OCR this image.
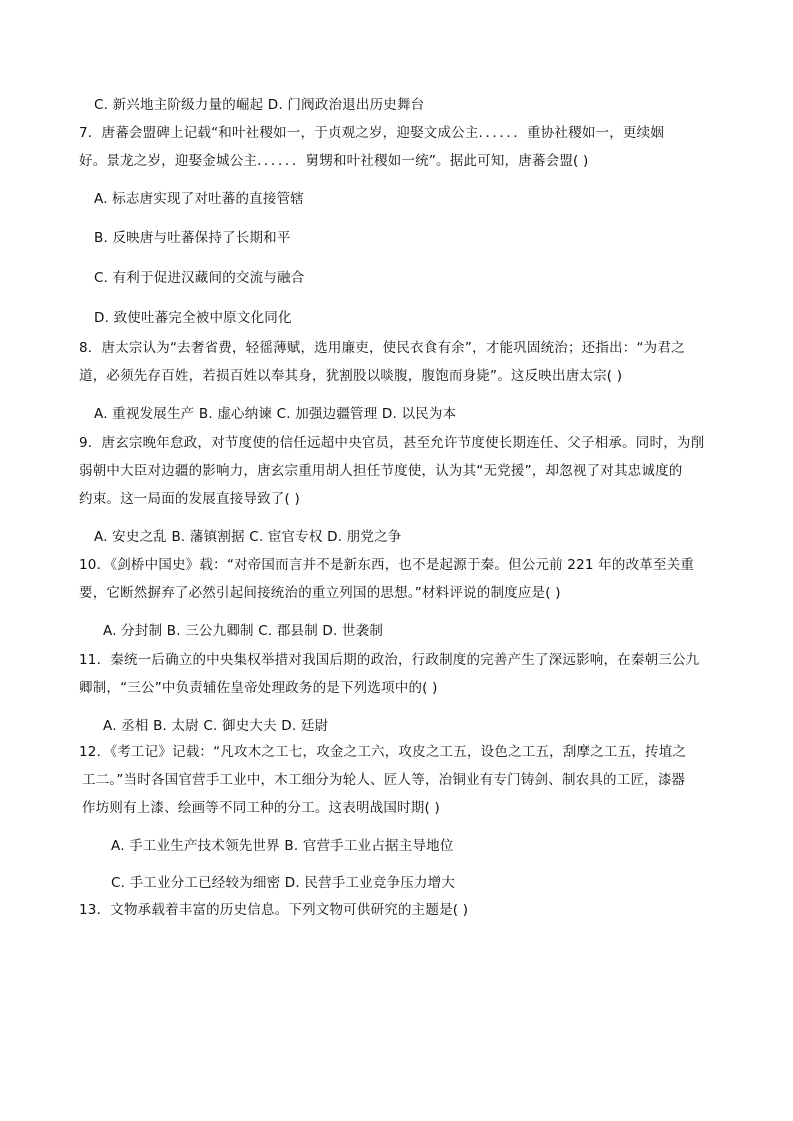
C. 新兴地主阶级力量的崛起 D. 门阀政治退出历史舞台
7．唐蕃会盟碑上记载“和叶社稷如一，于贞观之岁，迎娶文成公主．．．．．．重协社稷如一，更续姻
好。景龙之岁，迎娶金城公主．．．．．．舅甥和叶社稷如一统”。据此可知，唐蕃会盟( )
A. 标志唐实现了对吐蕃的直接管辖
B. 反映唐与吐蕃保持了长期和平
C. 有利于促进汉藏间的交流与融合
D. 致使吐蕃完全被中原文化同化
8．唐太宗认为“去奢省费，轻徭薄赋，选用廉吏，使民衣食有余”，才能巩固统治；还指出：“为君之
道，必须先存百姓，若损百姓以奉其身，犹割股以啖腹，腹饱而身毙”。这反映出唐太宗( )
A. 重视发展生产 B. 虚心纳谏 C. 加强边疆管理 D. 以民为本
9．唐玄宗晚年怠政，对节度使的信任远超中央官员，甚至允许节度使长期连任、父子相承。同时，为削
弱朝中大臣对边疆的影响力，唐玄宗重用胡人担任节度使，认为其“无党援”，却忽视了对其忠诚度的
约束。这一局面的发展直接导致了( )
A. 安史之乱 B. 藩镇割据 C. 宦官专权 D. 朋党之争
10．《剑桥中国史》载：“对帝国而言并不是新东西，也不是起源于秦。但公元前 221 年的改革至关重
要，它断然摒弃了必然引起间接统治的重立列国的思想。”材料评说的制度应是( )
A. 分封制 B. 三公九卿制 C. 郡县制 D. 世袭制
11．秦统一后确立的中央集权举措对我国后期的政治，行政制度的完善产生了深远影响，在秦朝三公九
卿制，“三公”中负责辅佐皇帝处理政务的是下列选项中的( )
A. 丞相 B. 太尉 C. 御史大夫 D. 廷尉
12．《考工记》记载：“凡攻木之工七，攻金之工六，攻皮之工五，设色之工五，刮摩之工五，抟埴之
工二。”当时各国官营手工业中，木工细分为轮人、匠人等，冶铜业有专门铸剑、制农具的工匠，漆器
作坊则有上漆、绘画等不同工种的分工。这表明战国时期( )
A. 手工业生产技术领先世界 B. 官营手工业占据主导地位
C. 手工业分工已经较为细密 D. 民营手工业竞争压力增大
13．文物承载着丰富的历史信息。下列文物可供研究的主题是( )
